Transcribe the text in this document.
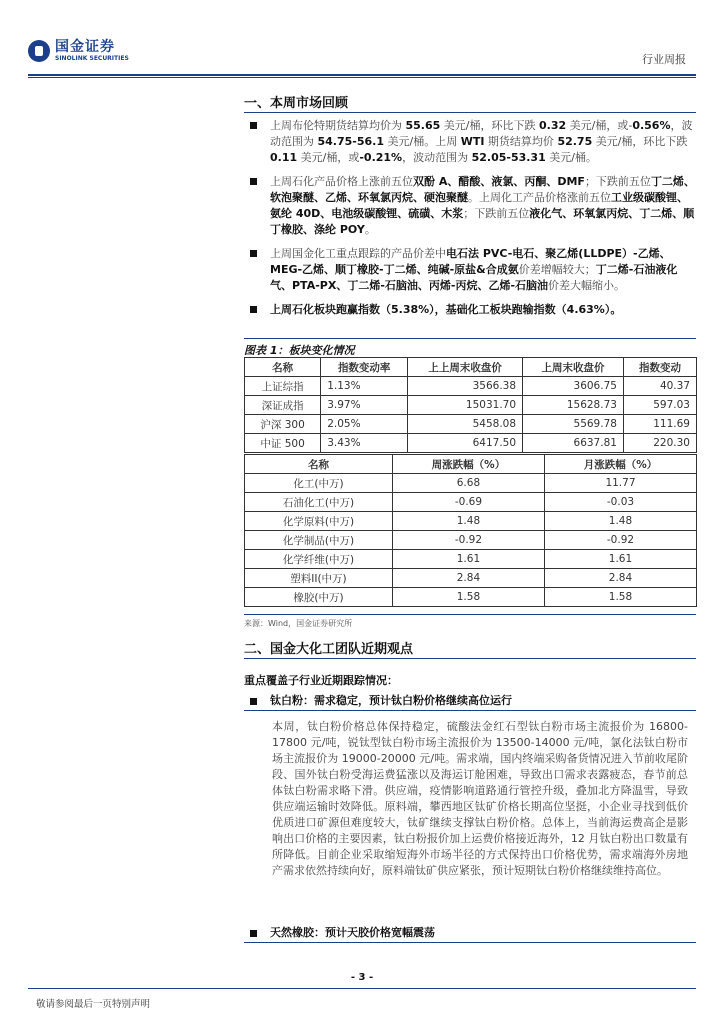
国金证券
SINOLINK SECURITIES	行业周报
一、本周市场回顾
上周布伦特期货结算均价为 55.65 美元/桶，环比下跌 0.32 美元/桶，或-0.56%，波动范围为 54.75-56.1 美元/桶。上周 WTI 期货结算均价 52.75 美元/桶，环比下跌 0.11 美元/桶，或-0.21%，波动范围为 52.05-53.31 美元/桶。
上周石化产品价格上涨前五位双酚 A、醋酸、液氯、丙酮、DMF；下跌前五位丁二烯、软泡聚醚、乙烯、环氧氯丙烷、硬泡聚醚。上周化工产品价格涨前五位工业级碳酸锂、氨纶 40D、电池级碳酸锂、硫磺、木浆；下跌前五位液化气、环氧氯丙烷、丁二烯、顺丁橡胶、涤纶 POY。
上周国金化工重点跟踪的产品价差中电石法 PVC-电石、聚乙烯(LLDPE）-乙烯、MEG-乙烯、顺丁橡胶-丁二烯、纯碱-原盐&合成氨价差增幅较大；丁二烯-石油液化气、PTA-PX、丁二烯-石脑油、丙烯-丙烷、乙烯-石脑油价差大幅缩小。
上周石化板块跑赢指数（5.38%），基础化工板块跑输指数（4.63%）。
图表 1：板块变化情况
名称	指数变动率	上上周末收盘价	上周末收盘价	指数变动
上证综指	1.13%	3566.38	3606.75	40.37
深证成指	3.97%	15031.70	15628.73	597.03
沪深 300	2.05%	5458.08	5569.78	111.69
中证 500	3.43%	6417.50	6637.81	220.30
名称	周涨跌幅（%）	月涨跌幅（%）
化工(中万)	6.68	11.77
石油化工(中万)	-0.69	-0.03
化学原料(中万)	1.48	1.48
化学制品(中万)	-0.92	-0.92
化学纤维(中万)	1.61	1.61
塑料II(中万)	2.84	2.84
橡胶(中万)	1.58	1.58
来源：Wind，国金证券研究所
二、国金大化工团队近期观点
重点覆盖子行业近期跟踪情况：
钛白粉：需求稳定，预计钛白粉价格继续高位运行
本周，钛白粉价格总体保持稳定，硫酸法金红石型钛白粉市场主流报价为 16800-17800 元/吨，锐钛型钛白粉市场主流报价为 13500-14000 元/吨，氯化法钛白粉市场主流报价为 19000-20000 元/吨。需求端，国内终端采购备货情况进入节前收尾阶段、国外钛白粉受海运费猛涨以及海运订舱困难，导致出口需求表露疲态，春节前总体钛白粉需求略下滑。供应端，疫情影响道路通行管控升级，叠加北方降温雪，导致供应端运输时效降低。原料端，攀西地区钛矿价格长期高位坚挺，小企业寻找到低价优质进口矿源但难度较大，钛矿继续支撑钛白粉价格。总体上，当前海运费高企是影响出口价格的主要因素，钛白粉报价加上运费价格接近海外，12 月钛白粉出口数量有所降低。目前企业采取缩短海外市场半径的方式保持出口价格优势，需求端海外房地产需求依然持续向好，原料端钛矿供应紧张，预计短期钛白粉价格继续维持高位。
天然橡胶：预计天胶价格宽幅震荡
- 3 -
敬请参阅最后一页特别声明
